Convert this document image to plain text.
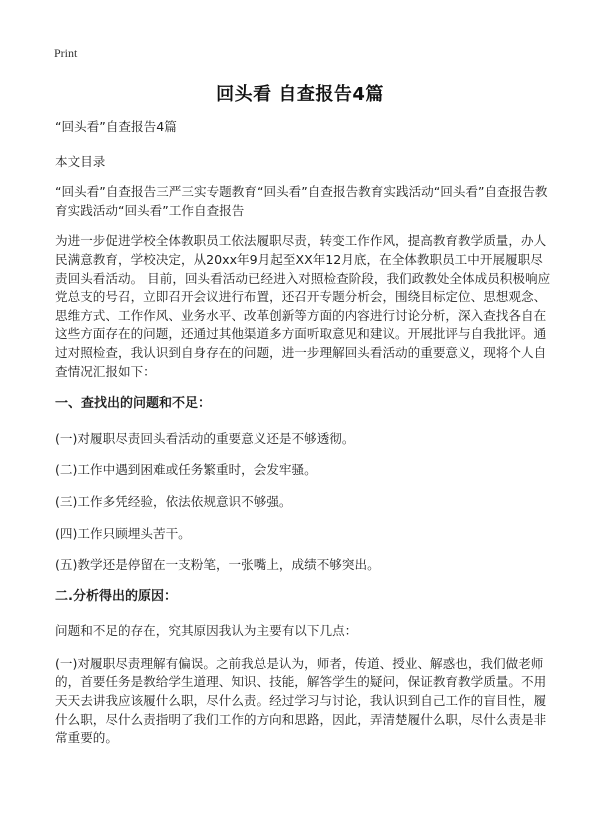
Print
回头看 自查报告4篇

“回头看”自查报告4篇

本文目录

“回头看”自查报告三严三实专题教育“回头看”自查报告教育实践活动“回头看”自查报告教育实践活动“回头看”工作自查报告

为进一步促进学校全体教职员工依法履职尽责，转变工作作风，提高教育教学质量，办人民满意教育，学校决定，从20xx年9月起至XX年12月底，在全体教职员工中开展履职尽责回头看活动。 目前，回头看活动已经进入对照检查阶段，我们政教处全体成员积极响应党总支的号召，立即召开会议进行布置，还召开专题分析会，围绕目标定位、思想观念、思维方式、工作作风、业务水平、改革创新等方面的内容进行讨论分析，深入查找各自在这些方面存在的问题，还通过其他渠道多方面听取意见和建议。开展批评与自我批评。通过对照检查，我认识到自身存在的问题，进一步理解回头看活动的重要意义，现将个人自查情况汇报如下：

一、查找出的问题和不足：

(一)对履职尽责回头看活动的重要意义还是不够透彻。

(二)工作中遇到困难或任务繁重时，会发牢骚。

(三)工作多凭经验，依法依规意识不够强。

(四)工作只顾埋头苦干。

(五)教学还是停留在一支粉笔，一张嘴上，成绩不够突出。

二.分析得出的原因：

问题和不足的存在，究其原因我认为主要有以下几点：

(一)对履职尽责理解有偏误。之前我总是认为，师者，传道、授业、解惑也，我们做老师的，首要任务是教给学生道理、知识、技能，解答学生的疑问，保证教育教学质量。不用天天去讲我应该履什么职，尽什么责。经过学习与讨论，我认识到自己工作的盲目性，履什么职，尽什么责指明了我们工作的方向和思路，因此，弄清楚履什么职，尽什么责是非常重要的。
